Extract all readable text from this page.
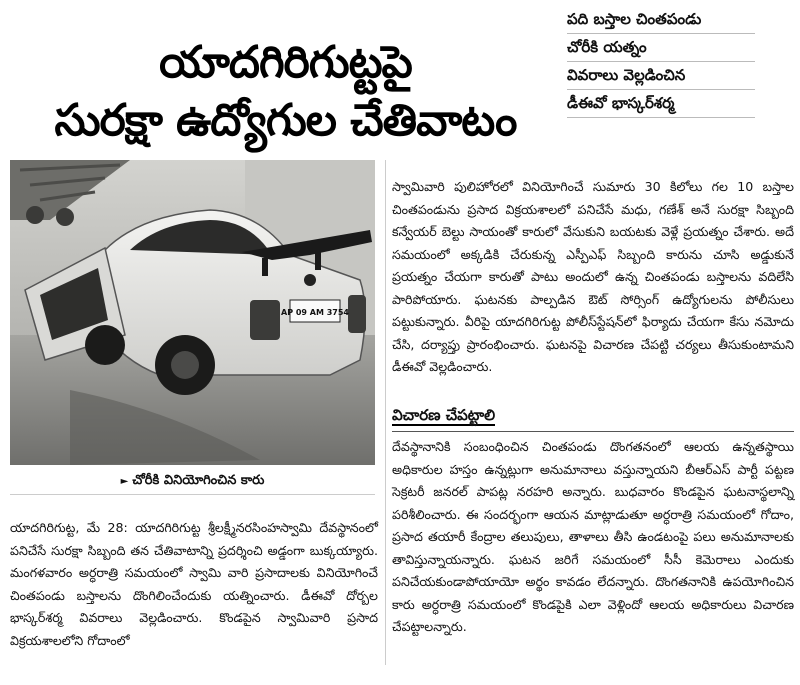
యాదగిరిగుట్టపై
సురక్షా ఉద్యోగుల చేతివాటం
పది బస్తాల చింతపండు
చోరీకి యత్నం
వివరాలు వెల్లడించిన
డీఈవో భాస్కర్‌శర్మ
AP 09 AM 3754
► చోరీకి వినియోగించిన కారు

యాదగిరిగుట్ట, మే 28: యాదగిరిగుట్ట శ్రీలక్ష్మీనరసింహస్వామి దేవస్థానంలో పనిచేసే సురక్షా సిబ్బంది తన చేతివాటాన్ని ప్రదర్శించి అడ్డంగా బుక్కయ్యారు. మంగళవారం అర్ధరాత్రి సమయంలో స్వామి వారి ప్రసాదాలకు వినియోగించే చింతపండు బస్తాలను దొంగిలించేందుకు యత్నించారు. డీఈవో దోర్బల భాస్కర్‌శర్మ వివరాలు వెల్లడించారు. కొండపైన స్వామివారి ప్రసాద విక్రయశాలలోని గోదాంలో

స్వామివారి పులిహోరలో వినియోగించే సుమారు 30 కిలోలు గల 10 బస్తాల చింతపండును ప్రసాద విక్రయశాలలో పనిచేసే మధు, గణేశ్ అనే సురక్షా సిబ్బంది కన్వేయర్ బెల్టు సాయంతో కారులో వేసుకుని బయటకు వెళ్లే ప్రయత్నం చేశారు. అదే సమయంలో అక్కడికి చేరుకున్న ఎస్పీఎఫ్ సిబ్బంది కారును చూసి అడ్డుకునే ప్రయత్నం చేయగా కారుతో పాటు అందులో ఉన్న చింతపండు బస్తాలను వదిలేసి పారిపోయారు. ఘటనకు పాల్పడిన ఔట్ సోర్సింగ్ ఉద్యోగులను పోలీసులు పట్టుకున్నారు. వీరిపై యాదగిరిగుట్ట పోలీస్‌స్టేషన్‌లో ఫిర్యాదు చేయగా కేసు నమోదు చేసి, దర్యాప్తు ప్రారంభించారు. ఘటనపై విచారణ చేపట్టి చర్యలు తీసుకుంటామని డీఈవో వెల్లడించారు.

విచారణ చేపట్టాలి

దేవస్థానానికి సంబంధించిన చింతపండు దొంగతనంలో ఆలయ ఉన్నతస్థాయి అధికారుల హస్తం ఉన్నట్లుగా అనుమానాలు వస్తున్నాయని బీఆర్ఎస్ పార్టీ పట్టణ సెక్రటరీ జనరల్ పాపట్ల నరహరి అన్నారు. బుధవారం కొండపైన ఘటనాస్థలాన్ని పరిశీలించారు. ఈ సందర్భంగా ఆయన మాట్లాడుతూ అర్ధరాత్రి సమయంలో గోదాం, ప్రసాద తయారీ కేంద్రాల తలుపులు, తాళాలు తీసి ఉండటంపై పలు అనుమానాలకు తావిస్తున్నాయన్నారు. ఘటన జరిగే సమయంలో సీసీ కెమెరాలు ఎందుకు పనిచేయకుండాపోయాయో అర్థం కావడం లేదన్నారు. దొంగతనానికి ఉపయోగించిన కారు అర్ధరాత్రి సమయంలో కొండపైకి ఎలా వెళ్లిందో ఆలయ అధికారులు విచారణ చేపట్టాలన్నారు.
